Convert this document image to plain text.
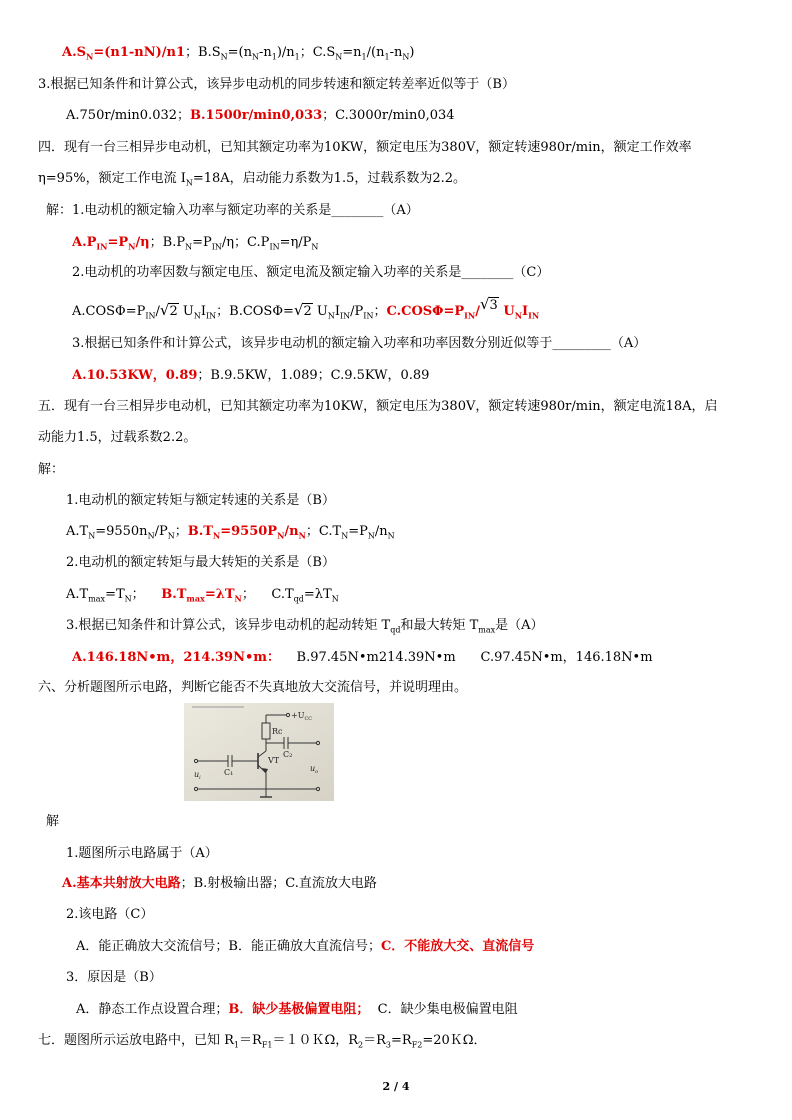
$A.S_N=(n1-nN)/n1$；$B.S_N=(n_N-n_1)/n_1$；$C.S_N=n_1/(n_1-n_N)$
3.根据已知条件和计算公式，该异步电动机的同步转速和额定转差率近似等于（B）
A.750r/min0.032；B.1500r/min0,033；C.3000r/min0,034
四．现有一台三相异步电动机，已知其额定功率为10KW，额定电压为380V，额定转速980r/min，额定工作效率
η=95%，额定工作电流 $I_N=18A$，启动能力系数为1.5，过载系数为2.2。
解：1.电动机的额定输入功率与额定功率的关系是________（A）
$A.P_{IN}=P_N/\eta$；$B.P_N=P_{IN}/\eta$；$C.P_{IN}=\eta/P_N$
2.电动机的功率因数与额定电压、额定电流及额定输入功率的关系是________（C）
$A.COS\Phi=P_{IN}/√2$ $U_NI_{IN}$；B.COSΦ=√2 $U_NI_{IN}/P_{IN}$；$C.COS\Phi=P_{IN}/√3$ $U_NI_{IN}$
3.根据已知条件和计算公式，该异步电动机的额定输入功率和功率因数分别近似等于_________（A）
A.10.53KW，0.89；B.9.5KW，1.089；C.9.5KW，0.89
五．现有一台三相异步电动机，已知其额定功率为10KW，额定电压为380V，额定转速980r/min，额定电流18A，启
动能力1.5，过载系数2.2。
解：
1.电动机的额定转矩与额定转速的关系是（B）
$A.T_N=9550n_N/P_N$；$B.T_N=9550P_N/n_N$；$C.T_N=P_N/n_N$
2.电动机的额定转矩与最大转矩的关系是（B）
$A.T_{max}=T_N$； $B.T_{max}=\lambda T_N$； $C.T_{qd}=\lambda T_N$
3.根据已知条件和计算公式，该异步电动机的起动转矩 $T_{qd}$和最大转矩 $T_{max}$是（A）
A.146.18N•m，214.39N•m： B.97.45N•m214.39N•m C.97.45N•m，146.18N•m
六、分析题图所示电路，判断它能否不失真地放大交流信号，并说明理由。
$+U_{CC}$
Rc
C₁
C₂
VT
$u_i$
$u_o$
解
1.题图所示电路属于（A）
A.基本共射放大电路；B.射极输出器；C.直流放大电路
2.该电路（C）
A．能正确放大交流信号；B．能正确放大直流信号；C．不能放大交、直流信号
3．原因是（B）
A．静态工作点设置合理；B．缺少基极偏置电阻； C．缺少集电极偏置电阻
七．题图所示运放电路中，已知 $R_1=R_{F1}=10K\Omega$，$R_2=R_3=R_{F2}=20K\Omega$．
2 / 4
